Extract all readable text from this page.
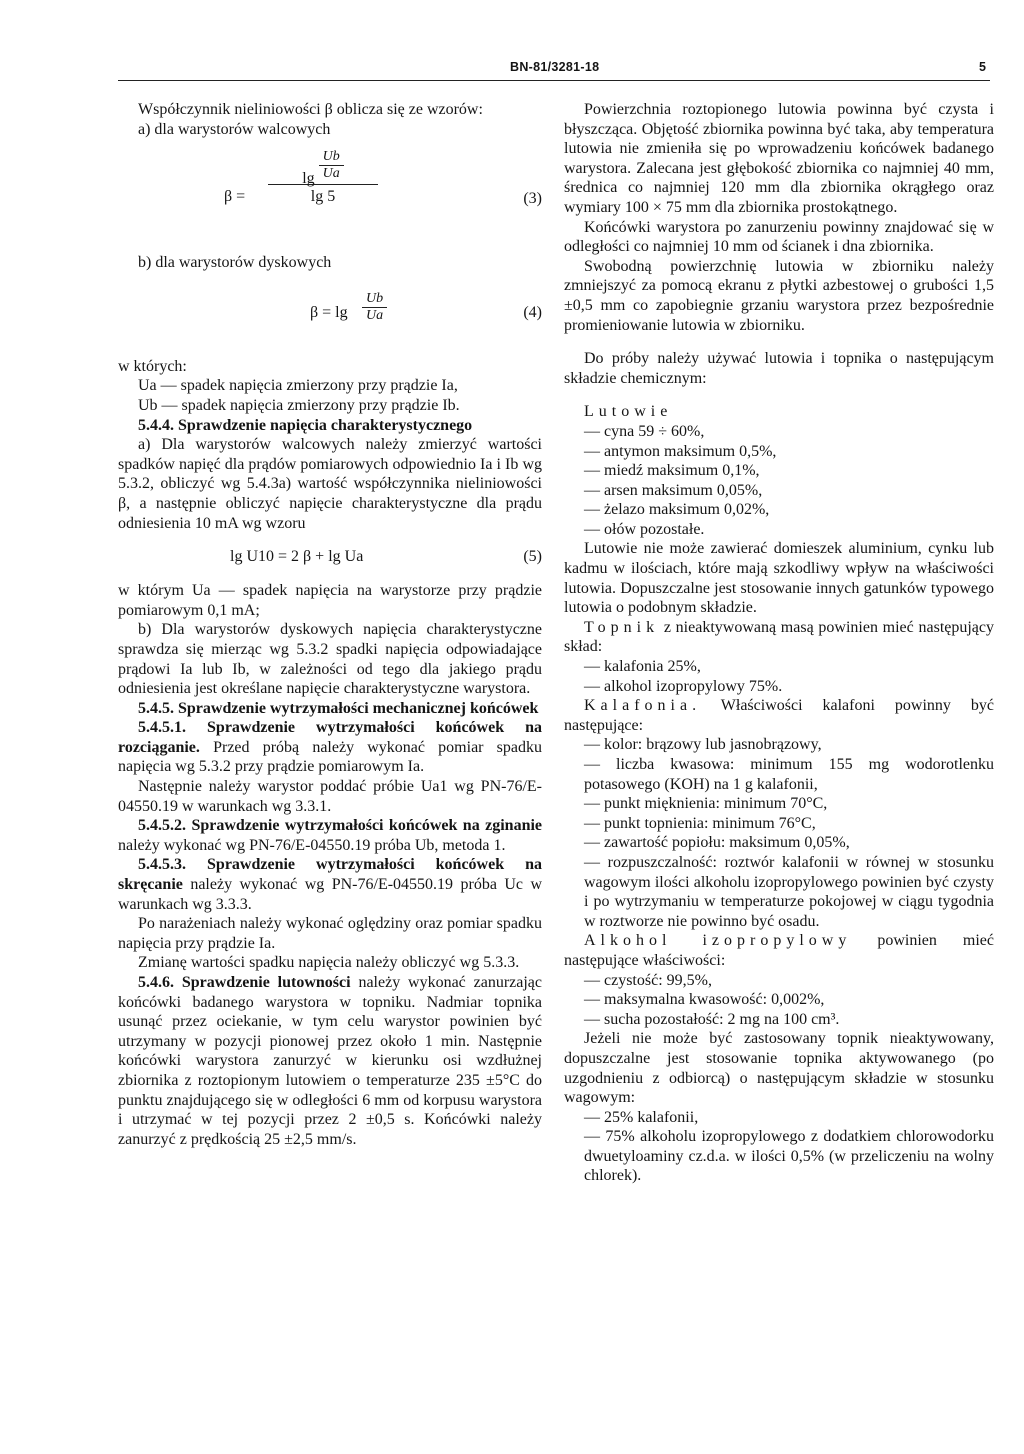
BN-81/3281-18	5

Współczynnik nieliniowości β oblicza się ze wzorów:

a) dla warystorów walcowych

$\beta = \frac{\lg \frac{Ub}{Ua}}{\lg 5}$	(3)

b) dla warystorów dyskowych

$\beta = \lg \frac{Ub}{Ua}$	(4)

w których:

Ua — spadek napięcia zmierzony przy prądzie Ia,

Ub — spadek napięcia zmierzony przy prądzie Ib.

5.4.4. Sprawdzenie napięcia charakterystycznego

a) Dla warystorów walcowych należy zmierzyć wartości spadków napięć dla prądów pomiarowych odpowiednio Ia i Ib wg 5.3.2, obliczyć wg 5.4.3a) wartość współczynnika nieliniowości β, a następnie obliczyć napięcie charakterystyczne dla prądu odniesienia 10 mA wg wzoru

lg U10 = 2 β + lg Ua	(5)

w którym Ua — spadek napięcia na warystorze przy prądzie pomiarowym 0,1 mA;

b) Dla warystorów dyskowych napięcia charakterystyczne sprawdza się mierząc wg 5.3.2 spadki napięcia odpowiadające prądowi Ia lub Ib, w zależności od tego dla jakiego prądu odniesienia jest określane napięcie charakterystyczne warystora.

5.4.5. Sprawdzenie wytrzymałości mechanicznej końcówek

5.4.5.1. Sprawdzenie wytrzymałości końcówek na rozciąganie. Przed próbą należy wykonać pomiar spadku napięcia wg 5.3.2 przy prądzie pomiarowym Ia.

Następnie należy warystor poddać próbie Ua1 wg PN-76/E-04550.19 w warunkach wg 3.3.1.

5.4.5.2. Sprawdzenie wytrzymałości końcówek na zginanie należy wykonać wg PN-76/E-04550.19 próba Ub, metoda 1.

5.4.5.3. Sprawdzenie wytrzymałości końcówek na skręcanie należy wykonać wg PN-76/E-04550.19 próba Uc w warunkach wg 3.3.3.

Po narażeniach należy wykonać oględziny oraz pomiar spadku napięcia przy prądzie Ia.

Zmianę wartości spadku napięcia należy obliczyć wg 5.3.3.

5.4.6. Sprawdzenie lutowności należy wykonać zanurzając końcówki badanego warystora w topniku. Nadmiar topnika usunąć przez ociekanie, w tym celu warystor powinien być utrzymany w pozycji pionowej przez około 1 min. Następnie końcówki warystora zanurzyć w kierunku osi wzdłużnej zbiornika z roztopionym lutowiem o temperaturze 235 ±5°C do punktu znajdującego się w odległości 6 mm od korpusu warystora i utrzymać w tej pozycji przez 2 ±0,5 s. Końcówki należy zanurzyć z prędkością 25 ±2,5 mm/s.

Powierzchnia roztopionego lutowia powinna być czysta i błyszcząca. Objętość zbiornika powinna być taka, aby temperatura lutowia nie zmieniła się po wprowadzeniu końcówek badanego warystora. Zalecana jest głębokość zbiornika co najmniej 40 mm, średnica co najmniej 120 mm dla zbiornika okrągłego oraz wymiary 100 × 75 mm dla zbiornika prostokątnego.

Końcówki warystora po zanurzeniu powinny znajdować się w odległości co najmniej 10 mm od ścianek i dna zbiornika.

Swobodną powierzchnię lutowia w zbiorniku należy zmniejszyć za pomocą ekranu z płytki azbestowej o grubości 1,5 ±0,5 mm co zapobiegnie grzaniu warystora przez bezpośrednie promieniowanie lutowia w zbiorniku.

Do próby należy używać lutowia i topnika o następującym składzie chemicznym:

Lutowie

— cyna 59 ÷ 60%,

— antymon maksimum 0,5%,

— miedź maksimum 0,1%,

— arsen maksimum 0,05%,

— żelazo maksimum 0,02%,

— ołów pozostałe.

Lutowie nie może zawierać domieszek aluminium, cynku lub kadmu w ilościach, które mają szkodliwy wpływ na właściwości lutowia. Dopuszczalne jest stosowanie innych gatunków typowego lutowia o podobnym składzie.

Topnik z nieaktywowaną masą powinien mieć następujący skład:

— kalafonia 25%,

— alkohol izopropylowy 75%.

Kalafonia. Właściwości kalafoni powinny być następujące:

— kolor: brązowy lub jasnobrązowy,

— liczba kwasowa: minimum 155 mg wodorotlenku potasowego (KOH) na 1 g kalafonii,

— punkt mięknienia: minimum 70°C,

— punkt topnienia: minimum 76°C,

— zawartość popiołu: maksimum 0,05%,

— rozpuszczalność: roztwór kalafonii w równej w stosunku wagowym ilości alkoholu izopropylowego powinien być czysty i po wytrzymaniu w temperaturze pokojowej w ciągu tygodnia w roztworze nie powinno być osadu.

Alkohol izopropylowy powinien mieć następujące właściwości:

— czystość: 99,5%,

— maksymalna kwasowość: 0,002%,

— sucha pozostałość: 2 mg na 100 cm³.

Jeżeli nie może być zastosowany topnik nieaktywowany, dopuszczalne jest stosowanie topnika aktywowanego (po uzgodnieniu z odbiorcą) o następującym składzie w stosunku wagowym:

— 25% kalafonii,

— 75% alkoholu izopropylowego z dodatkiem chlorowodorku dwuetyloaminy cz.d.a. w ilości 0,5% (w przeliczeniu na wolny chlorek).
